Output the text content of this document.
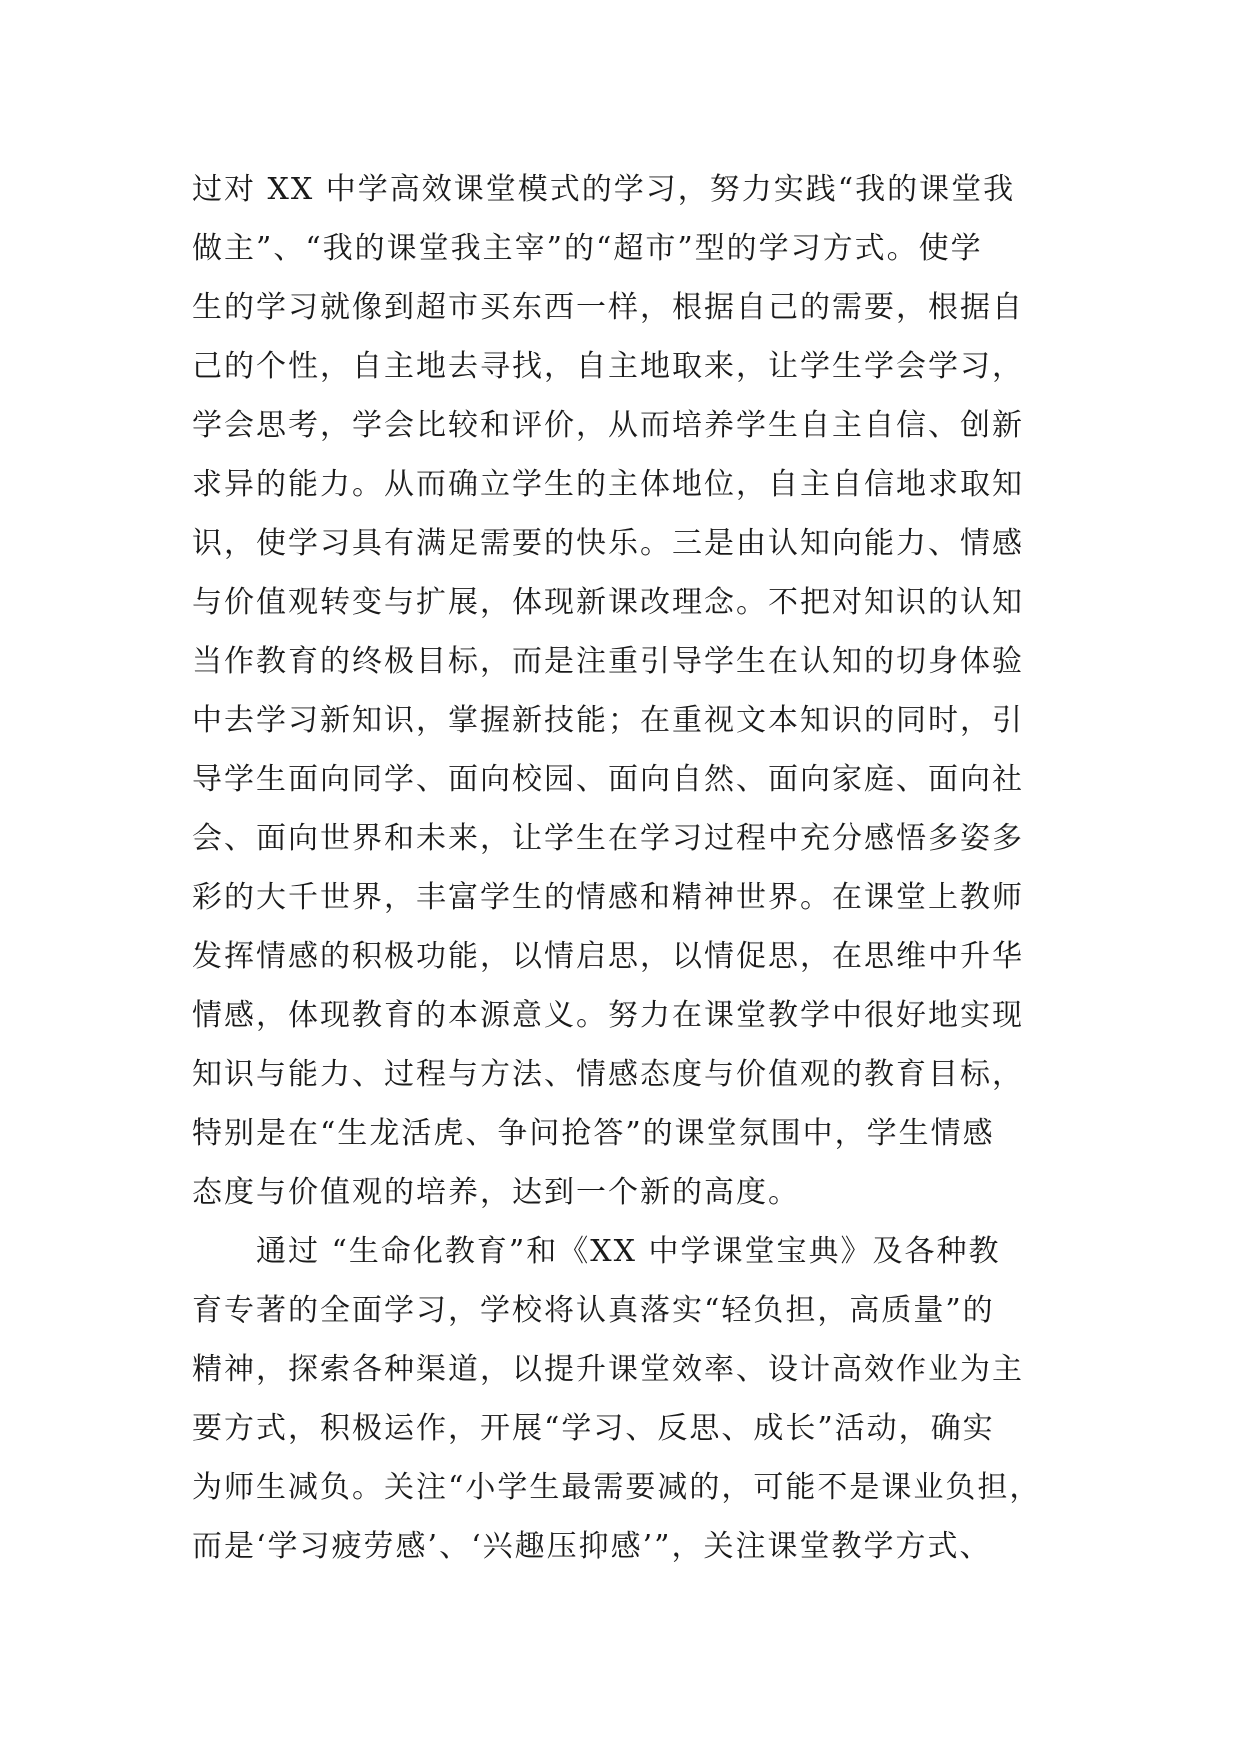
过对 XX 中学高效课堂模式的学习，努力实践“我的课堂我
做主”、“我的课堂我主宰”的“超市”型的学习方式。使学
生的学习就像到超市买东西一样，根据自己的需要，根据自
己的个性，自主地去寻找，自主地取来，让学生学会学习，
学会思考，学会比较和评价，从而培养学生自主自信、创新
求异的能力。从而确立学生的主体地位，自主自信地求取知
识，使学习具有满足需要的快乐。三是由认知向能力、情感
与价值观转变与扩展，体现新课改理念。不把对知识的认知
当作教育的终极目标，而是注重引导学生在认知的切身体验
中去学习新知识，掌握新技能；在重视文本知识的同时，引
导学生面向同学、面向校园、面向自然、面向家庭、面向社
会、面向世界和未来，让学生在学习过程中充分感悟多姿多
彩的大千世界，丰富学生的情感和精神世界。在课堂上教师
发挥情感的积极功能，以情启思，以情促思，在思维中升华
情感，体现教育的本源意义。努力在课堂教学中很好地实现
知识与能力、过程与方法、情感态度与价值观的教育目标，
特别是在“生龙活虎、争问抢答”的课堂氛围中，学生情感
态度与价值观的培养，达到一个新的高度。
　　通过 “生命化教育”和《XX 中学课堂宝典》及各种教
育专著的全面学习，学校将认真落实“轻负担，高质量”的
精神，探索各种渠道，以提升课堂效率、设计高效作业为主
要方式，积极运作，开展“学习、反思、成长”活动，确实
为师生减负。关注“小学生最需要减的，可能不是课业负担，
而是‘学习疲劳感’、‘兴趣压抑感’”，关注课堂教学方式、
